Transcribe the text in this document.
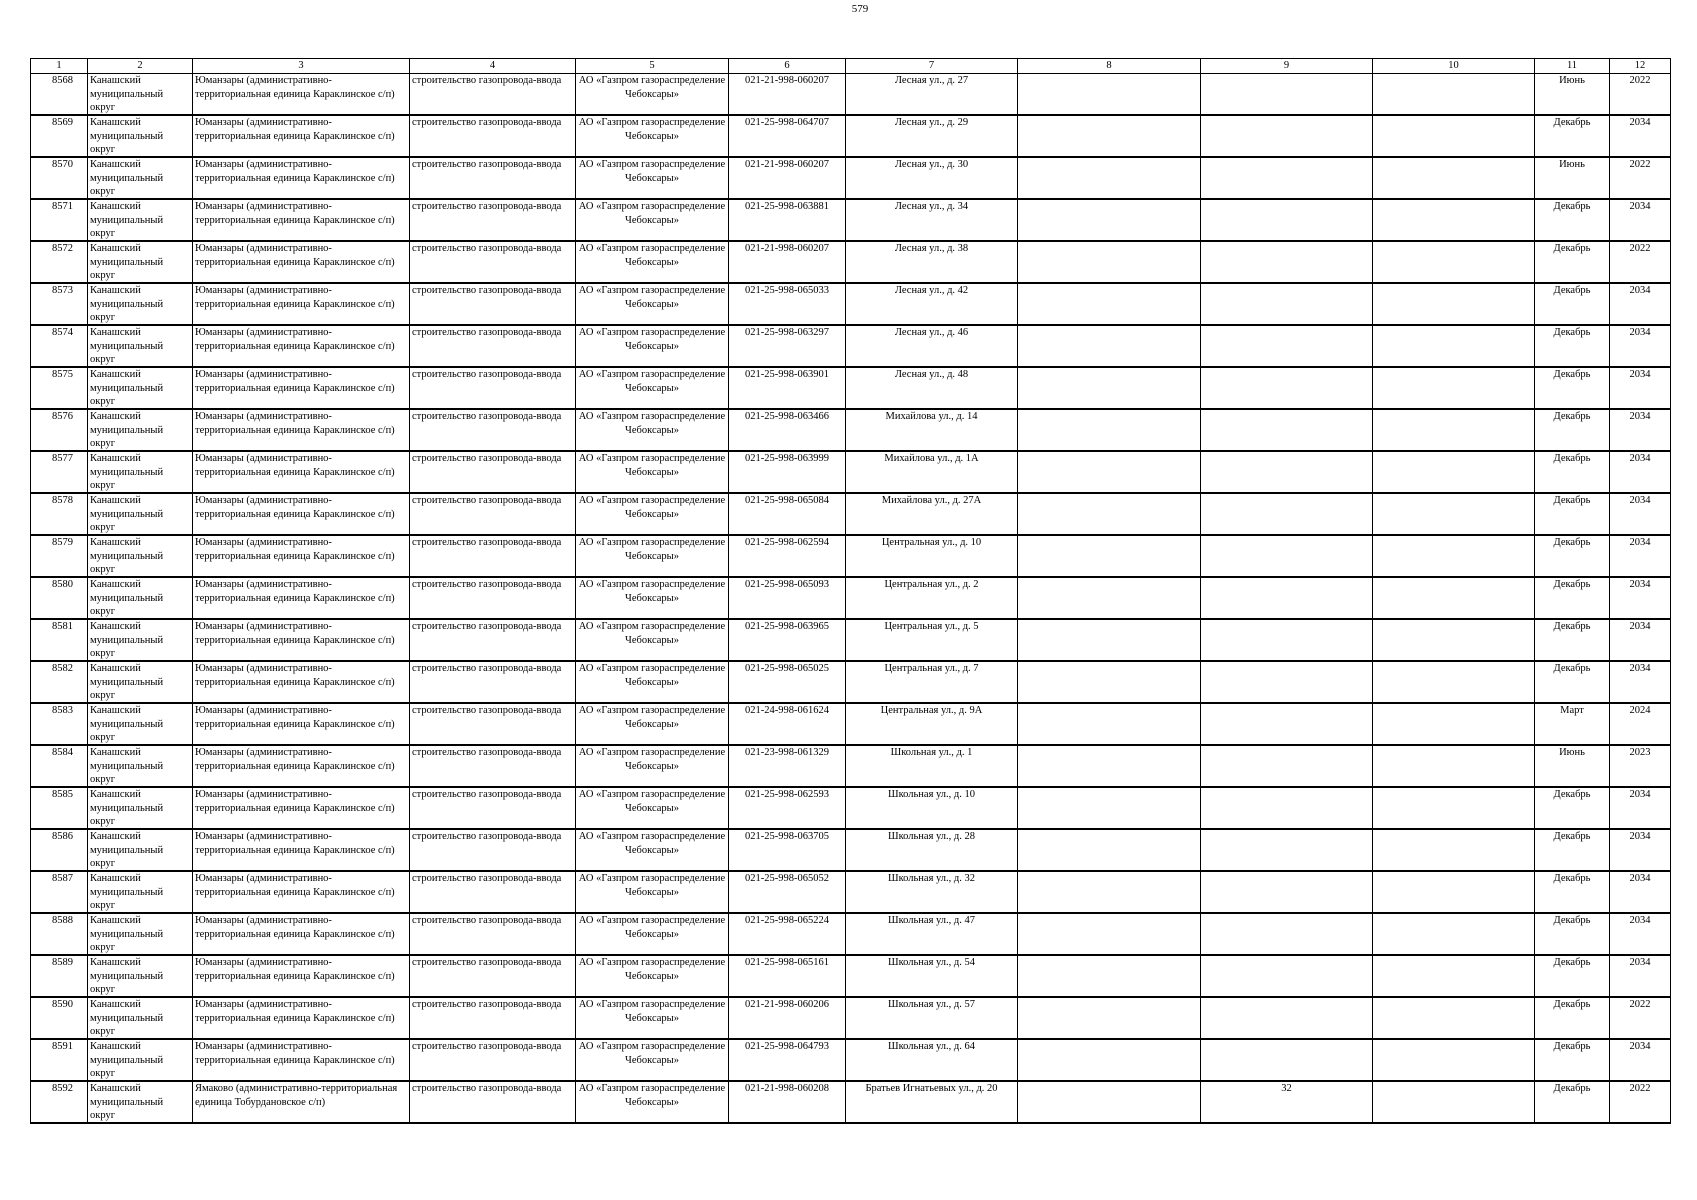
579
1	2	3	4	5	6	7	8	9	10	11	12

8568	Канашский муниципальный округ	Юманзары (административно-территориальная единица Караклинское с/п)	строительство газопровода-ввода	АО «Газпром газораспределение Чебоксары»	021-21-998-060207	Лесная ул., д. 27				Июнь	2022

8569	Канашский муниципальный округ	Юманзары (административно-территориальная единица Караклинское с/п)	строительство газопровода-ввода	АО «Газпром газораспределение Чебоксары»	021-25-998-064707	Лесная ул., д. 29				Декабрь	2034

8570	Канашский муниципальный округ	Юманзары (административно-территориальная единица Караклинское с/п)	строительство газопровода-ввода	АО «Газпром газораспределение Чебоксары»	021-21-998-060207	Лесная ул., д. 30				Июнь	2022

8571	Канашский муниципальный округ	Юманзары (административно-территориальная единица Караклинское с/п)	строительство газопровода-ввода	АО «Газпром газораспределение Чебоксары»	021-25-998-063881	Лесная ул., д. 34				Декабрь	2034

8572	Канашский муниципальный округ	Юманзары (административно-территориальная единица Караклинское с/п)	строительство газопровода-ввода	АО «Газпром газораспределение Чебоксары»	021-21-998-060207	Лесная ул., д. 38				Декабрь	2022

8573	Канашский муниципальный округ	Юманзары (административно-территориальная единица Караклинское с/п)	строительство газопровода-ввода	АО «Газпром газораспределение Чебоксары»	021-25-998-065033	Лесная ул., д. 42				Декабрь	2034

8574	Канашский муниципальный округ	Юманзары (административно-территориальная единица Караклинское с/п)	строительство газопровода-ввода	АО «Газпром газораспределение Чебоксары»	021-25-998-063297	Лесная ул., д. 46				Декабрь	2034

8575	Канашский муниципальный округ	Юманзары (административно-территориальная единица Караклинское с/п)	строительство газопровода-ввода	АО «Газпром газораспределение Чебоксары»	021-25-998-063901	Лесная ул., д. 48				Декабрь	2034

8576	Канашский муниципальный округ	Юманзары (административно-территориальная единица Караклинское с/п)	строительство газопровода-ввода	АО «Газпром газораспределение Чебоксары»	021-25-998-063466	Михайлова ул., д. 14				Декабрь	2034

8577	Канашский муниципальный округ	Юманзары (административно-территориальная единица Караклинское с/п)	строительство газопровода-ввода	АО «Газпром газораспределение Чебоксары»	021-25-998-063999	Михайлова ул., д. 1А				Декабрь	2034

8578	Канашский муниципальный округ	Юманзары (административно-территориальная единица Караклинское с/п)	строительство газопровода-ввода	АО «Газпром газораспределение Чебоксары»	021-25-998-065084	Михайлова ул., д. 27А				Декабрь	2034

8579	Канашский муниципальный округ	Юманзары (административно-территориальная единица Караклинское с/п)	строительство газопровода-ввода	АО «Газпром газораспределение Чебоксары»	021-25-998-062594	Центральная ул., д. 10				Декабрь	2034

8580	Канашский муниципальный округ	Юманзары (административно-территориальная единица Караклинское с/п)	строительство газопровода-ввода	АО «Газпром газораспределение Чебоксары»	021-25-998-065093	Центральная ул., д. 2				Декабрь	2034

8581	Канашский муниципальный округ	Юманзары (административно-территориальная единица Караклинское с/п)	строительство газопровода-ввода	АО «Газпром газораспределение Чебоксары»	021-25-998-063965	Центральная ул., д. 5				Декабрь	2034

8582	Канашский муниципальный округ	Юманзары (административно-территориальная единица Караклинское с/п)	строительство газопровода-ввода	АО «Газпром газораспределение Чебоксары»	021-25-998-065025	Центральная ул., д. 7				Декабрь	2034

8583	Канашский муниципальный округ	Юманзары (административно-территориальная единица Караклинское с/п)	строительство газопровода-ввода	АО «Газпром газораспределение Чебоксары»	021-24-998-061624	Центральная ул., д. 9А				Март	2024

8584	Канашский муниципальный округ	Юманзары (административно-территориальная единица Караклинское с/п)	строительство газопровода-ввода	АО «Газпром газораспределение Чебоксары»	021-23-998-061329	Школьная ул., д. 1				Июнь	2023

8585	Канашский муниципальный округ	Юманзары (административно-территориальная единица Караклинское с/п)	строительство газопровода-ввода	АО «Газпром газораспределение Чебоксары»	021-25-998-062593	Школьная ул., д. 10				Декабрь	2034

8586	Канашский муниципальный округ	Юманзары (административно-территориальная единица Караклинское с/п)	строительство газопровода-ввода	АО «Газпром газораспределение Чебоксары»	021-25-998-063705	Школьная ул., д. 28				Декабрь	2034

8587	Канашский муниципальный округ	Юманзары (административно-территориальная единица Караклинское с/п)	строительство газопровода-ввода	АО «Газпром газораспределение Чебоксары»	021-25-998-065052	Школьная ул., д. 32				Декабрь	2034

8588	Канашский муниципальный округ	Юманзары (административно-территориальная единица Караклинское с/п)	строительство газопровода-ввода	АО «Газпром газораспределение Чебоксары»	021-25-998-065224	Школьная ул., д. 47				Декабрь	2034

8589	Канашский муниципальный округ	Юманзары (административно-территориальная единица Караклинское с/п)	строительство газопровода-ввода	АО «Газпром газораспределение Чебоксары»	021-25-998-065161	Школьная ул., д. 54				Декабрь	2034

8590	Канашский муниципальный округ	Юманзары (административно-территориальная единица Караклинское с/п)	строительство газопровода-ввода	АО «Газпром газораспределение Чебоксары»	021-21-998-060206	Школьная ул., д. 57				Декабрь	2022

8591	Канашский муниципальный округ	Юманзары (административно-территориальная единица Караклинское с/п)	строительство газопровода-ввода	АО «Газпром газораспределение Чебоксары»	021-25-998-064793	Школьная ул., д. 64				Декабрь	2034

8592	Канашский муниципальный округ	Ямаково (административно-территориальная единица Тобурдановское с/п)	строительство газопровода-ввода	АО «Газпром газораспределение Чебоксары»	021-21-998-060208	Братьев Игнатьевых ул., д. 20		32		Декабрь	2022
